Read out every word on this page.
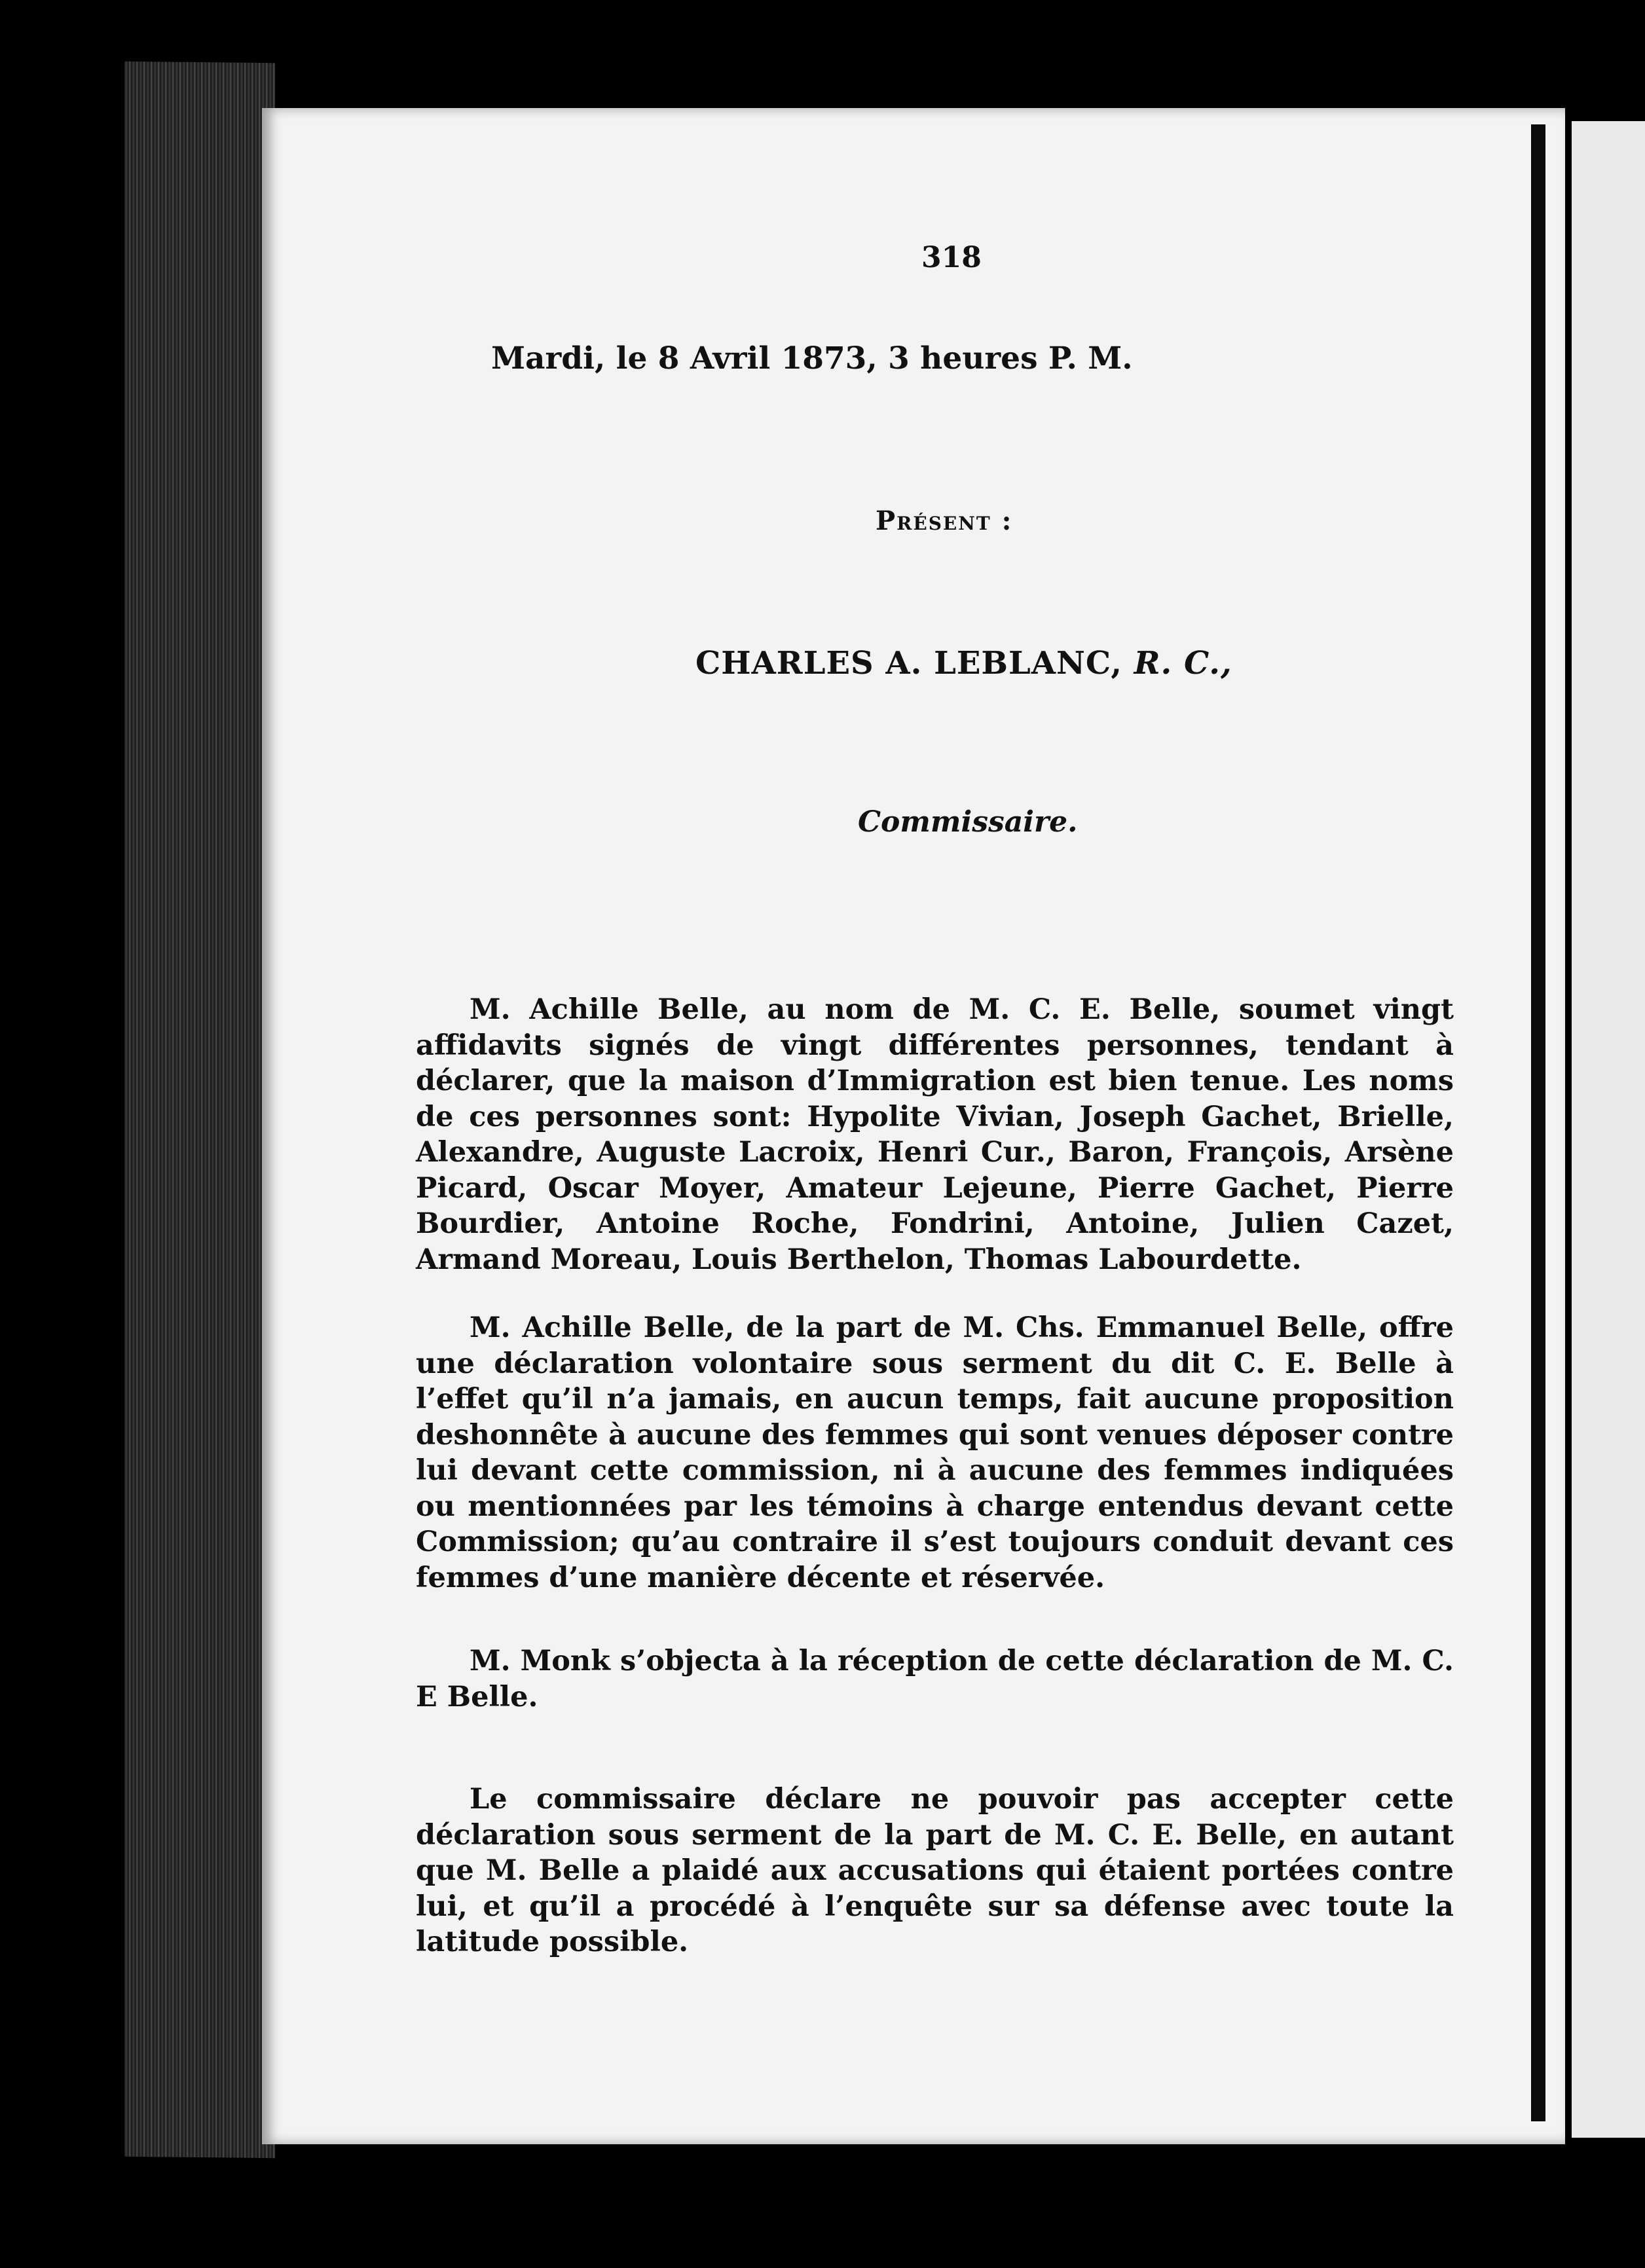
318
Mardi, le 8 Avril 1873, 3 heures P. M.
Présent :
CHARLES A. LEBLANC, R. C.,
Commissaire.

M. Achille Belle, au nom de M. C. E. Belle, soumet vingt affidavits signés de vingt différentes personnes, tendant à déclarer, que la maison d’Immigration est bien tenue. Les noms de ces personnes sont: Hypolite Vivian, Joseph Gachet, Brielle, Alexandre, Auguste Lacroix, Henri Cur., Baron, François, Arsène Picard, Oscar Moyer, Amateur Lejeune, Pierre Gachet, Pierre Bourdier, Antoine Roche, Fondrini, Antoine, Julien Cazet, Armand Moreau, Louis Berthelon, Thomas Labourdette.

M. Achille Belle, de la part de M. Chs. Emmanuel Belle, offre une déclaration volontaire sous serment du dit C. E. Belle à l’effet qu’il n’a jamais, en aucun temps, fait aucune proposition deshonnête à aucune des femmes qui sont venues déposer contre lui devant cette commission, ni à aucune des femmes indiquées ou mentionnées par les témoins à charge entendus devant cette Commission; qu’au contraire il s’est toujours conduit devant ces femmes d’une manière décente et réservée.

M. Monk s’objecta à la réception de cette déclaration de M. C. E Belle.

Le commissaire déclare ne pouvoir pas accepter cette déclaration sous serment de la part de M. C. E. Belle, en autant que M. Belle a plaidé aux accusations qui étaient portées contre lui, et qu’il a procédé à l’enquête sur sa défense avec toute la latitude possible.
